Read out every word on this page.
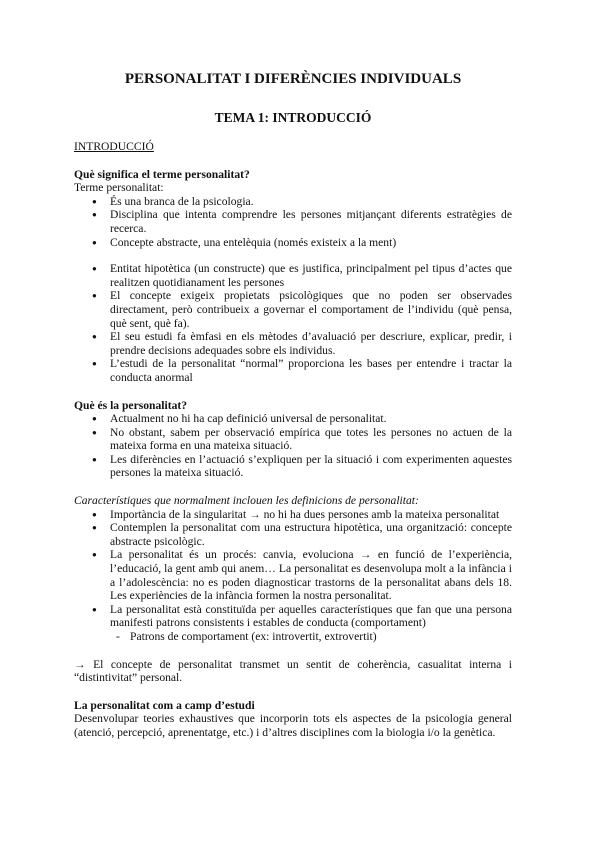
PERSONALITAT I DIFERÈNCIES INDIVIDUALS
TEMA 1: INTRODUCCIÓ
INTRODUCCIÓ

Què significa el terme personalitat?

Terme personalitat:

● És una branca de la psicologia.
● Disciplina que intenta comprendre les persones mitjançant diferents estratègies de recerca.
● Concepte abstracte, una entelèquia (només existeix a la ment)
● Entitat hipotètica (un constructe) que es justifica, principalment pel tipus d’actes que realitzen quotidianament les persones
● El concepte exigeix propietats psicològiques que no poden ser observades directament, però contribueix a governar el comportament de l’individu (què pensa, què sent, què fa).
● El seu estudi fa èmfasi en els mètodes d’avaluació per descriure, explicar, predir, i prendre decisions adequades sobre els individus.
● L’estudi de la personalitat “normal” proporciona les bases per entendre i tractar la conducta anormal

Què és la personalitat?

● Actualment no hi ha cap definició universal de personalitat.
● No obstant, sabem per observació empírica que totes les persones no actuen de la mateixa forma en una mateixa situació.
● Les diferències en l’actuació s’expliquen per la situació i com experimenten aquestes persones la mateixa situació.

Característiques que normalment inclouen les definicions de personalitat:

● Importància de la singularitat → no hi ha dues persones amb la mateixa personalitat
● Contemplen la personalitat com una estructura hipotètica, una organització: concepte abstracte psicològic.
● La personalitat és un procés: canvia, evoluciona → en funció de l’experiència, l’educació, la gent amb qui anem… La personalitat es desenvolupa molt a la infància i a l’adolescència: no es poden diagnosticar trastorns de la personalitat abans dels 18. Les experiències de la infància formen la nostra personalitat.
● La personalitat està constituïda per aquelles característiques que fan que una persona manifesti patrons consistents i estables de conducta (comportament)
- Patrons de comportament (ex: introvertit, extrovertit)

→ El concepte de personalitat transmet un sentit de coherència, casualitat interna i “distintivitat” personal.

La personalitat com a camp d’estudi

Desenvolupar teories exhaustives que incorporin tots els aspectes de la psicologia general (atenció, percepció, aprenentatge, etc.) i d’altres disciplines com la biologia i/o la genètica.
